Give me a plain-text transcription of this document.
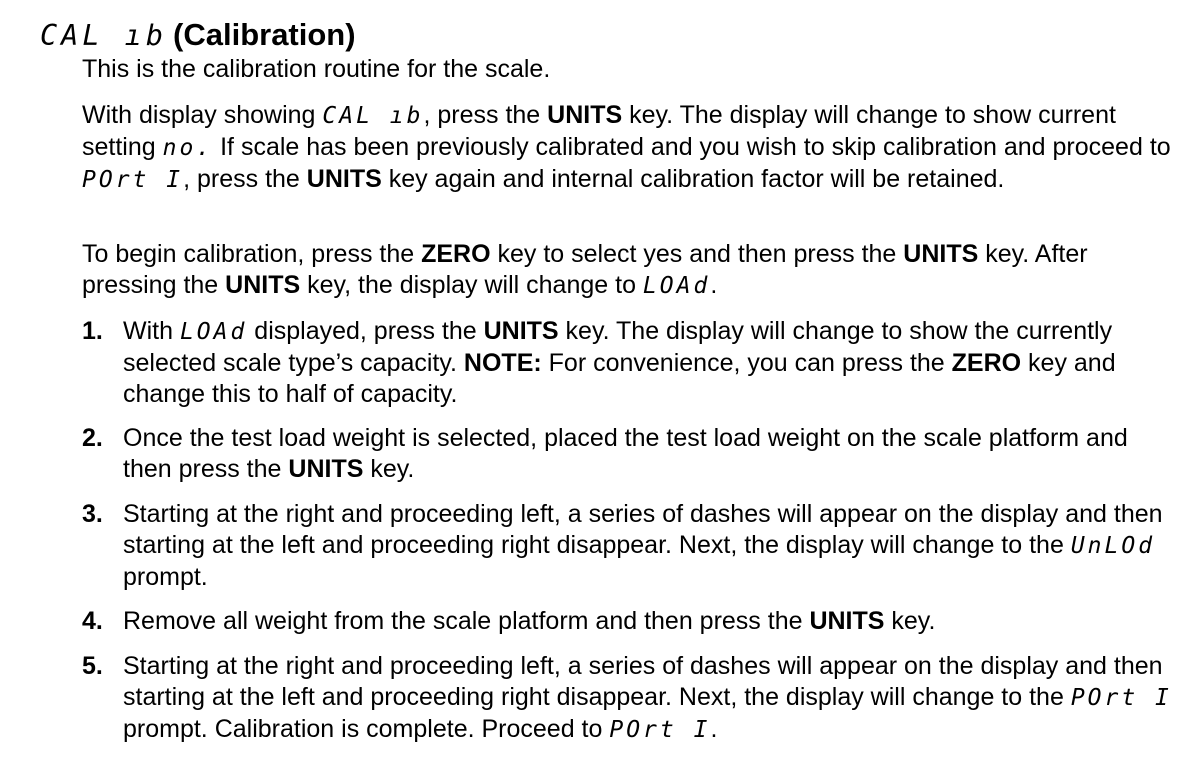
CAL ıb (Calibration)

This is the calibration routine for the scale.

With display showing CAL ıb, press the UNITS key. The display will change to show current setting no. If scale has been previously calibrated and you wish to skip calibration and proceed to POrt I, press the UNITS key again and internal calibration factor will be retained.

To begin calibration, press the ZERO key to select yes and then press the UNITS key. After pressing the UNITS key, the display will change to LOAd.

1. With LOAd displayed, press the UNITS key. The display will change to show the currently selected scale type’s capacity. NOTE: For convenience, you can press the ZERO key and change this to half of capacity.
2. Once the test load weight is selected, placed the test load weight on the scale platform and then press the UNITS key.
3. Starting at the right and proceeding left, a series of dashes will appear on the display and then starting at the left and proceeding right disappear. Next, the display will change to the UnLOd prompt.
4. Remove all weight from the scale platform and then press the UNITS key.
5. Starting at the right and proceeding left, a series of dashes will appear on the display and then starting at the left and proceeding right disappear. Next, the display will change to the POrt I prompt. Calibration is complete. Proceed to POrt I.
